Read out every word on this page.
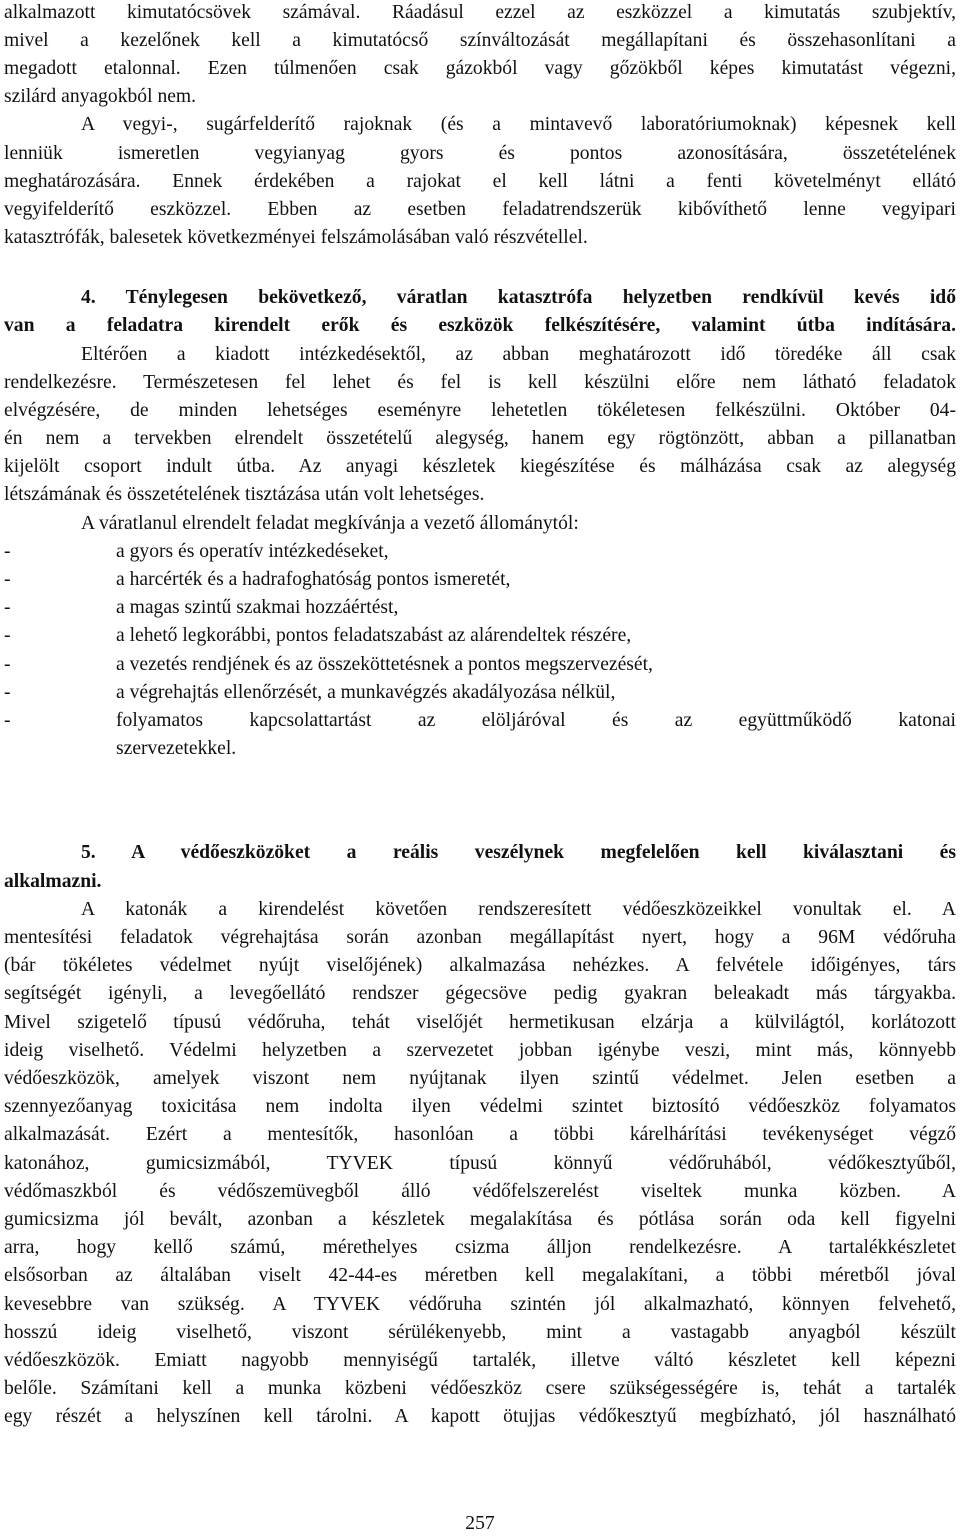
alkalmazott kimutatócsövek számával. Ráadásul ezzel az eszközzel a kimutatás szubjektív,
mivel a kezelőnek kell a kimutatócső színváltozását megállapítani és összehasonlítani a
megadott etalonnal. Ezen túlmenően csak gázokból vagy gőzökből képes kimutatást végezni,
szilárd anyagokból nem.
A vegyi-, sugárfelderítő rajoknak (és a mintavevő laboratóriumoknak) képesnek kell
lenniük ismeretlen vegyianyag gyors és pontos azonosítására, összetételének
meghatározására. Ennek érdekében a rajokat el kell látni a fenti követelményt ellátó
vegyifelderítő eszközzel. Ebben az esetben feladatrendszerük kibővíthető lenne vegyipari
katasztrófák, balesetek következményei felszámolásában való részvétellel.
4. Ténylegesen bekövetkező, váratlan katasztrófa helyzetben rendkívül kevés idő
van a feladatra kirendelt erők és eszközök felkészítésére, valamint útba indítására.
Eltérően a kiadott intézkedésektől, az abban meghatározott idő töredéke áll csak
rendelkezésre. Természetesen fel lehet és fel is kell készülni előre nem látható feladatok
elvégzésére, de minden lehetséges eseményre lehetetlen tökéletesen felkészülni. Október 04-
én nem a tervekben elrendelt összetételű alegység, hanem egy rögtönzött, abban a pillanatban
kijelölt csoport indult útba. Az anyagi készletek kiegészítése és málházása csak az alegység
létszámának és összetételének tisztázása után volt lehetséges.
A váratlanul elrendelt feladat megkívánja a vezető állománytól:
-	a gyors és operatív intézkedéseket,
-	a harcérték és a hadrafoghatóság pontos ismeretét,
-	a magas szintű szakmai hozzáértést,
-	a lehető legkorábbi, pontos feladatszabást az alárendeltek részére,
-	a vezetés rendjének és az összeköttetésnek a pontos megszervezését,
-	a végrehajtás ellenőrzését, a munkavégzés akadályozása nélkül,
-	folyamatos kapcsolattartást az elöljáróval és az együttműködő katonai
szervezetekkel.
5. A védőeszközöket a reális veszélynek megfelelően kell kiválasztani és
alkalmazni.
A katonák a kirendelést követően rendszeresített védőeszközeikkel vonultak el. A
mentesítési feladatok végrehajtása során azonban megállapítást nyert, hogy a 96M védőruha
(bár tökéletes védelmet nyújt viselőjének) alkalmazása nehézkes. A felvétele időigényes, társ
segítségét igényli, a levegőellátó rendszer gégecsöve pedig gyakran beleakadt más tárgyakba.
Mivel szigetelő típusú védőruha, tehát viselőjét hermetikusan elzárja a külvilágtól, korlátozott
ideig viselhető. Védelmi helyzetben a szervezetet jobban igénybe veszi, mint más, könnyebb
védőeszközök, amelyek viszont nem nyújtanak ilyen szintű védelmet. Jelen esetben a
szennyezőanyag toxicitása nem indolta ilyen védelmi szintet biztosító védőeszköz folyamatos
alkalmazását. Ezért a mentesítők, hasonlóan a többi kárelhárítási tevékenységet végző
katonához, gumicsizmából, TYVEK típusú könnyű védőruhából, védőkesztyűből,
védőmaszkból és védőszemüvegből álló védőfelszerelést viseltek munka közben. A
gumicsizma jól bevált, azonban a készletek megalakítása és pótlása során oda kell figyelni
arra, hogy kellő számú, mérethelyes csizma álljon rendelkezésre. A tartalékkészletet
elsősorban az általában viselt 42-44-es méretben kell megalakítani, a többi méretből jóval
kevesebbre van szükség. A TYVEK védőruha szintén jól alkalmazható, könnyen felvehető,
hosszú ideig viselhető, viszont sérülékenyebb, mint a vastagabb anyagból készült
védőeszközök. Emiatt nagyobb mennyiségű tartalék, illetve váltó készletet kell képezni
belőle. Számítani kell a munka közbeni védőeszköz csere szükségességére is, tehát a tartalék
egy részét a helyszínen kell tárolni. A kapott ötujjas védőkesztyű megbízható, jól használható
257
